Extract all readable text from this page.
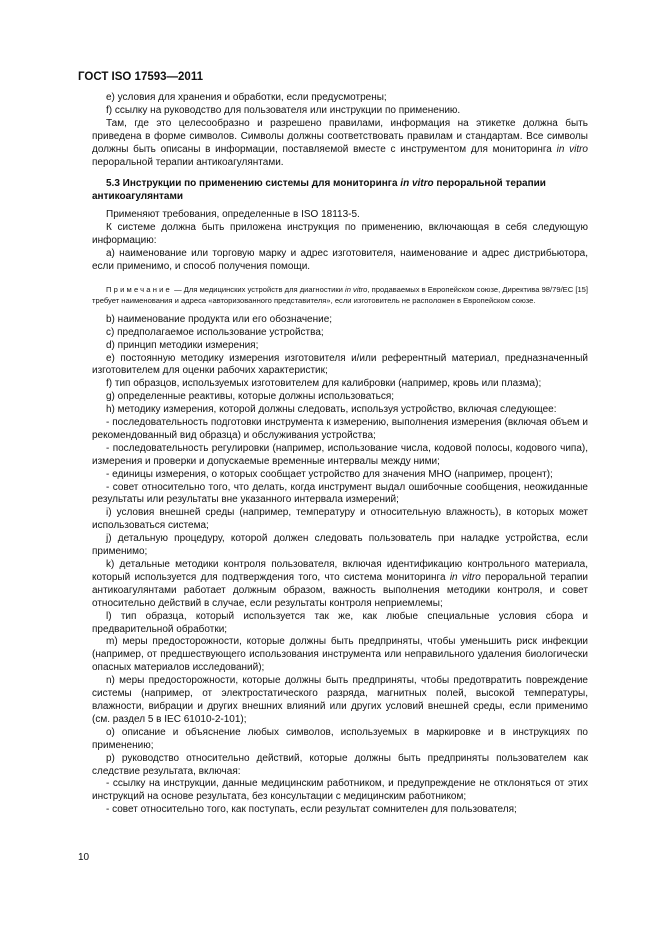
ГОСТ ISO 17593—2011

е) условия для хранения и обработки, если предусмотрены;

f) ссылку на руководство для пользователя или инструкции по применению.

Там, где это целесообразно и разрешено правилами, информация на этикетке должна быть приведена в форме символов. Символы должны соответствовать правилам и стандартам. Все символы должны быть описаны в информации, поставляемой вместе с инструментом для мониторинга in vitro пероральной терапии антикоагулянтами.

5.3 Инструкции по применению системы для мониторинга in vitro пероральной терапии антикоагулянтами

Применяют требования, определенные в ISO 18113-5.

К системе должна быть приложена инструкция по применению, включающая в себя следующую информацию:

а) наименование или торговую марку и адрес изготовителя, наименование и адрес дистрибьютора, если применимо, и способ получения помощи.

Примечание — Для медицинских устройств для диагностики in vitro, продаваемых в Европейском союзе, Директива 98/79/ЕС [15] требует наименования и адреса «авторизованного представителя», если изготовитель не расположен в Европейском союзе.

b) наименование продукта или его обозначение;

c) предполагаемое использование устройства;

d) принцип методики измерения;

е) постоянную методику измерения изготовителя и/или референтный материал, предназначенный изготовителем для оценки рабочих характеристик;

f) тип образцов, используемых изготовителем для калибровки (например, кровь или плазма);

g) определенные реактивы, которые должны использоваться;

h) методику измерения, которой должны следовать, используя устройство, включая следующее:

- последовательность подготовки инструмента к измерению, выполнения измерения (включая объем и рекомендованный вид образца) и обслуживания устройства;

- последовательность регулировки (например, использование числа, кодовой полосы, кодового чипа), измерения и проверки и допускаемые временные интервалы между ними;

- единицы измерения, о которых сообщает устройство для значения МНО (например, процент);

- совет относительно того, что делать, когда инструмент выдал ошибочные сообщения, неожиданные результаты или результаты вне указанного интервала измерений;

i) условия внешней среды (например, температуру и относительную влажность), в которых может использоваться система;

j) детальную процедуру, которой должен следовать пользователь при наладке устройства, если применимо;

k) детальные методики контроля пользователя, включая идентификацию контрольного материала, который используется для подтверждения того, что система мониторинга in vitro пероральной терапии антикоагулянтами работает должным образом, важность выполнения методики контроля, и совет относительно действий в случае, если результаты контроля неприемлемы;

l) тип образца, который используется так же, как любые специальные условия сбора и предварительной обработки;

m) меры предосторожности, которые должны быть предприняты, чтобы уменьшить риск инфекции (например, от предшествующего использования инструмента или неправильного удаления биологически опасных материалов исследований);

n) меры предосторожности, которые должны быть предприняты, чтобы предотвратить повреждение системы (например, от электростатического разряда, магнитных полей, высокой температуры, влажности, вибрации и других внешних влияний или других условий внешней среды, если применимо (см. раздел 5 в IEC 61010-2-101);

о) описание и объяснение любых символов, используемых в маркировке и в инструкциях по применению;

р) руководство относительно действий, которые должны быть предприняты пользователем как следствие результата, включая:

- ссылку на инструкции, данные медицинским работником, и предупреждение не отклоняться от этих инструкций на основе результата, без консультации с медицинским работником;

- совет относительно того, как поступать, если результат сомнителен для пользователя;

10
